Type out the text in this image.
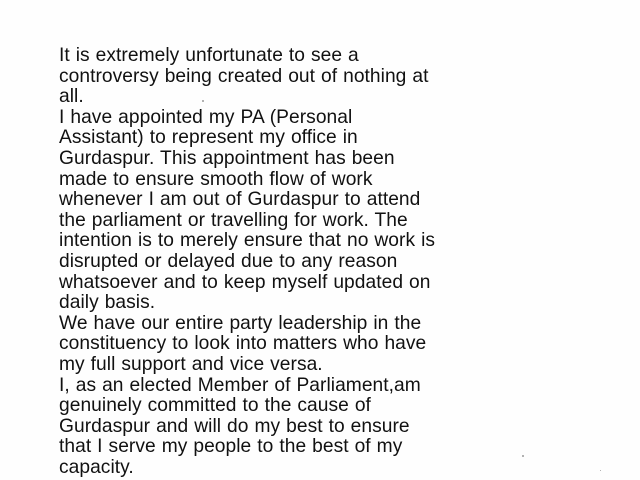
It is extremely unfortunate to see a
controversy being created out of nothing at
all.
I have appointed my PA (Personal
Assistant) to represent my office in
Gurdaspur. This appointment has been
made to ensure smooth flow of work
whenever I am out of Gurdaspur to attend
the parliament or travelling for work. The
intention is to merely ensure that no work is
disrupted or delayed due to any reason
whatsoever and to keep myself updated on
daily basis.
We have our entire party leadership in the
constituency to look into matters who have
my full support and vice versa.
I, as an elected Member of Parliament,am
genuinely committed to the cause of
Gurdaspur and will do my best to ensure
that I serve my people to the best of my
capacity.
